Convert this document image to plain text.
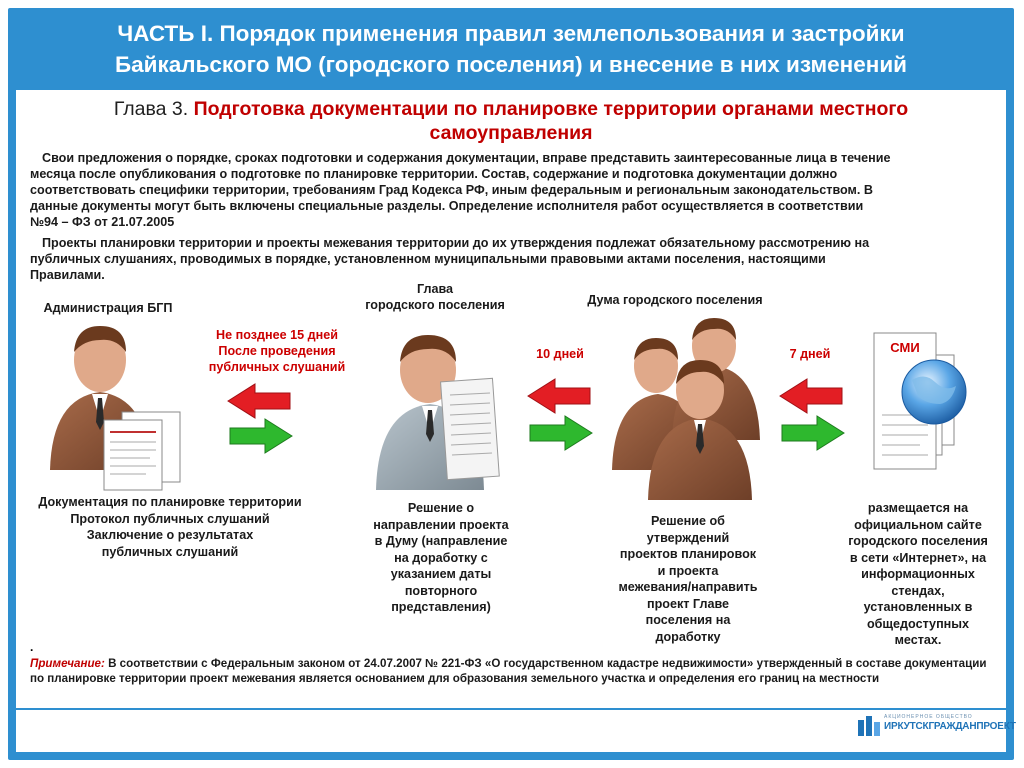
ЧАСТЬ I. Порядок применения правил землепользования и застройки
Байкальского МО (городского поселения) и внесение в них изменений
Глава 3. Подготовка документации по планировке территории органами местного
самоуправления
Свои предложения о порядке, сроках подготовки и содержания документации, вправе представить заинтересованные лица в течение
месяца после опубликования о подготовке по планировке территории. Состав, содержание и подготовка документации должно
соответствовать специфики территории, требованиям Град Кодекса РФ, иным федеральным и региональным законодательством. В
данные документы могут быть включены специальные разделы. Определение исполнителя работ осуществляется в соответствии
№94 – ФЗ от 21.07.2005
Проекты планировки территории и проекты межевания территории до их утверждения подлежат обязательному рассмотрению на
публичных слушаниях, проводимых в порядке, установленном муниципальными правовыми актами поселения, настоящими
Правилами.
Администрация БГП
Глава
городского поселения	Дума городского поселения
Не позднее 15 дней
После проведения
публичных слушаний
10 дней	7 дней	СМИ
Документация по планировке территории
Протокол публичных слушаний
Заключение о результатах
публичных слушаний
Решение о
направлении проекта
в Думу (направление
на доработку с
указанием даты
повторного
представления)
Решение об
утверждений
проектов планировок
и проекта
межевания/направить
проект Главе
поселения на
доработку
размещается на
официальном сайте
городского поселения
в сети «Интернет», на
информационных
стендах,
установленных в
общедоступных
местах.
.
Примечание: В соответствии с Федеральным законом от 24.07.2007 № 221-ФЗ «О государственном кадастре недвижимости» утвержденный в составе документации по планировке территории проект межевания является основанием для образования земельного участка и определения его границ на местности
АКЦИОНЕРНОЕ ОБЩЕСТВО
ИРКУТСКГРАЖДАНПРОЕКТ
